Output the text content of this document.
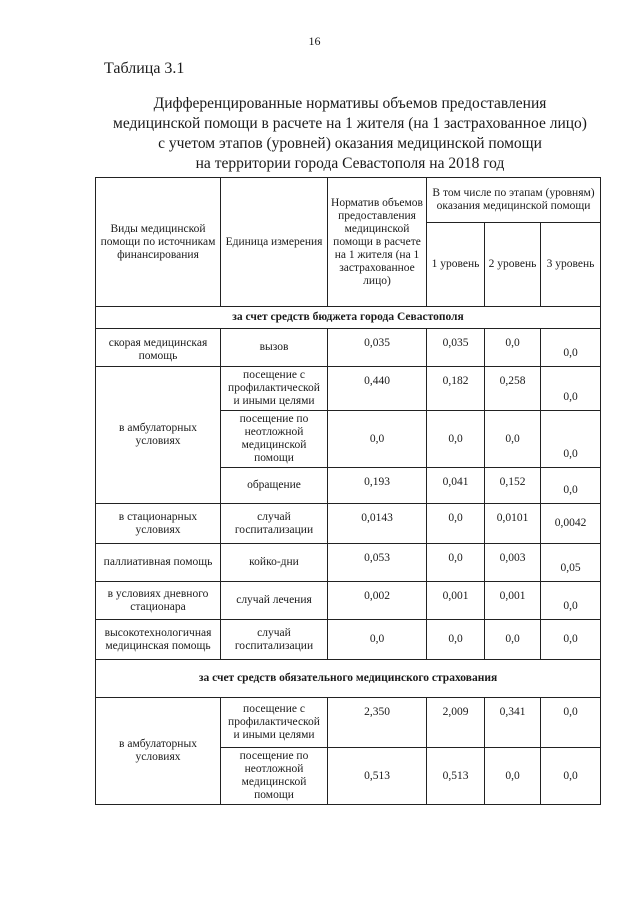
16
Таблица 3.1
Дифференцированные нормативы объемов предоставления
медицинской помощи в расчете на 1 жителя (на 1 застрахованное лицо)
с учетом этапов (уровней) оказания медицинской помощи
на территории города Севастополя на 2018 год
Виды медицинской помощи по источникам финансирования	Единица измерения	Норматив объемов предоставления медицинской помощи в расчете на 1 жителя (на 1 застрахованное лицо)	В том числе по этапам (уровням) оказания медицинской помощи		
			1 уровень	2 уровень	3 уровень
за счет средств бюджета города Севастополя					
скорая медицинская помощь	вызов	0,035	0,035	0,0	0,0
в амбулаторных условиях	посещение с профилактической и иными целями	0,440	0,182	0,258	0,0
	посещение по неотложной медицинской помощи	0,0	0,0	0,0	0,0
	обращение	0,193	0,041	0,152	0,0
в стационарных условиях	случай госпитализации	0,0143	0,0	0,0101	0,0042
паллиативная помощь	койко-дни	0,053	0,0	0,003	0,05
в условиях дневного стационара	случай лечения	0,002	0,001	0,001	0,0
высокотехнологичная медицинская помощь	случай госпитализации	0,0	0,0	0,0	0,0
за счет средств обязательного медицинского страхования					
в амбулаторных условиях	посещение с профилактической и иными целями	2,350	2,009	0,341	0,0
	посещение по неотложной медицинской помощи	0,513	0,513	0,0	0,0
